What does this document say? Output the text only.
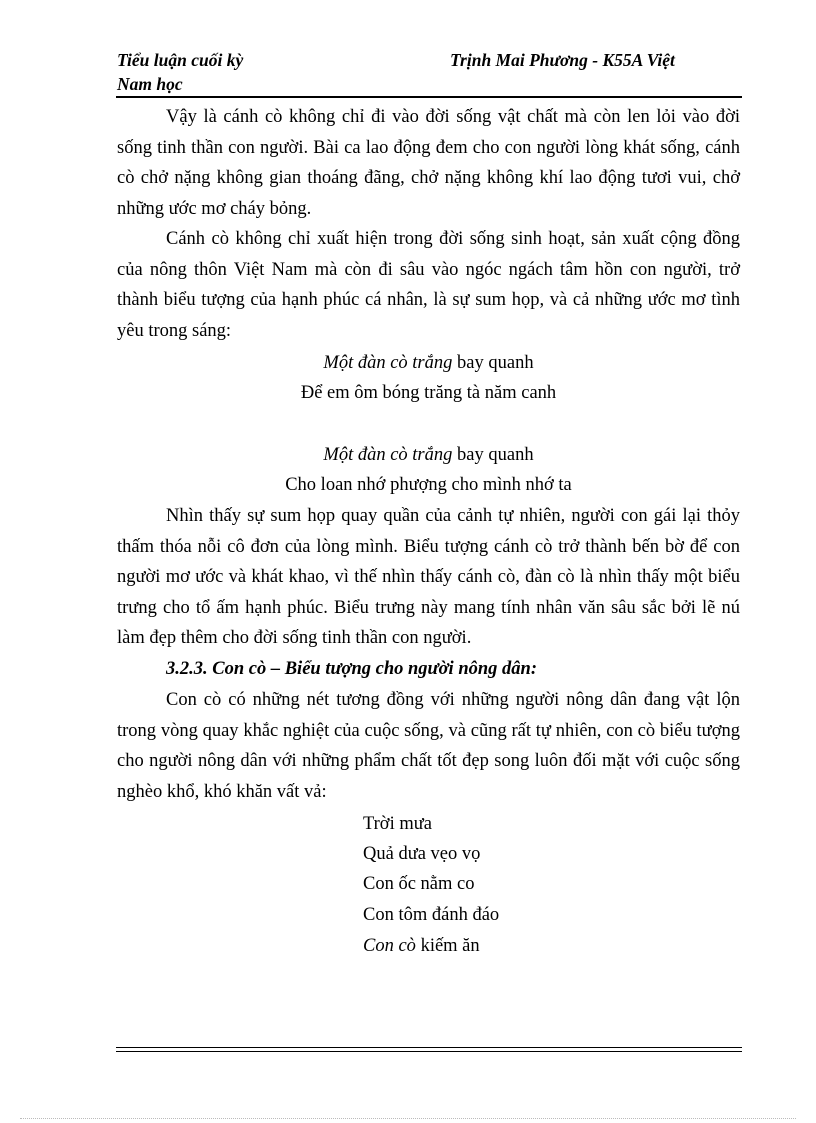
Tiểu luận cuối kỳ	Trịnh Mai Phương - K55A Việt
Nam học

Vậy là cánh cò không chỉ đi vào đời sống vật chất mà còn len lỏi vào đời sống tinh thần con người. Bài ca lao động đem cho con người lòng khát sống, cánh cò chở nặng không gian thoáng đãng, chở nặng không khí lao động tươi vui, chở những ước mơ cháy bỏng.

Cánh cò không chỉ xuất hiện trong đời sống sinh hoạt, sản xuất cộng đồng của nông thôn Việt Nam mà còn đi sâu vào ngóc ngách tâm hồn con người, trở thành biểu tượng của hạnh phúc cá nhân, là sự sum họp, và cả những ước mơ tình yêu trong sáng:

Một đàn cò trắng bay quanh

Để em ôm bóng trăng tà năm canh

Một đàn cò trắng bay quanh

Cho loan nhớ phượng cho mình nhớ ta

Nhìn thấy sự sum họp quay quần của cảnh tự nhiên, người con gái lại thỏy thấm thóa nỗi cô đơn của lòng mình. Biểu tượng cánh cò trở thành bến bờ để con người mơ ước và khát khao, vì thế nhìn thấy cánh cò, đàn cò là nhìn thấy một biểu trưng cho tổ ấm hạnh phúc. Biểu trưng này mang tính nhân văn sâu sắc bởi lẽ nú làm đẹp thêm cho đời sống tinh thần con người.

3.2.3. Con cò – Biểu tượng cho người nông dân:

Con cò có những nét tương đồng với những người nông dân đang vật lộn trong vòng quay khắc nghiệt của cuộc sống, và cũng rất tự nhiên, con cò biểu tượng cho người nông dân với những phẩm chất tốt đẹp song luôn đối mặt với cuộc sống nghèo khổ, khó khăn vất vả:

Trời mưa

Quả dưa vẹo vọ

Con ốc nằm co

Con tôm đánh đáo

Con cò kiếm ăn
